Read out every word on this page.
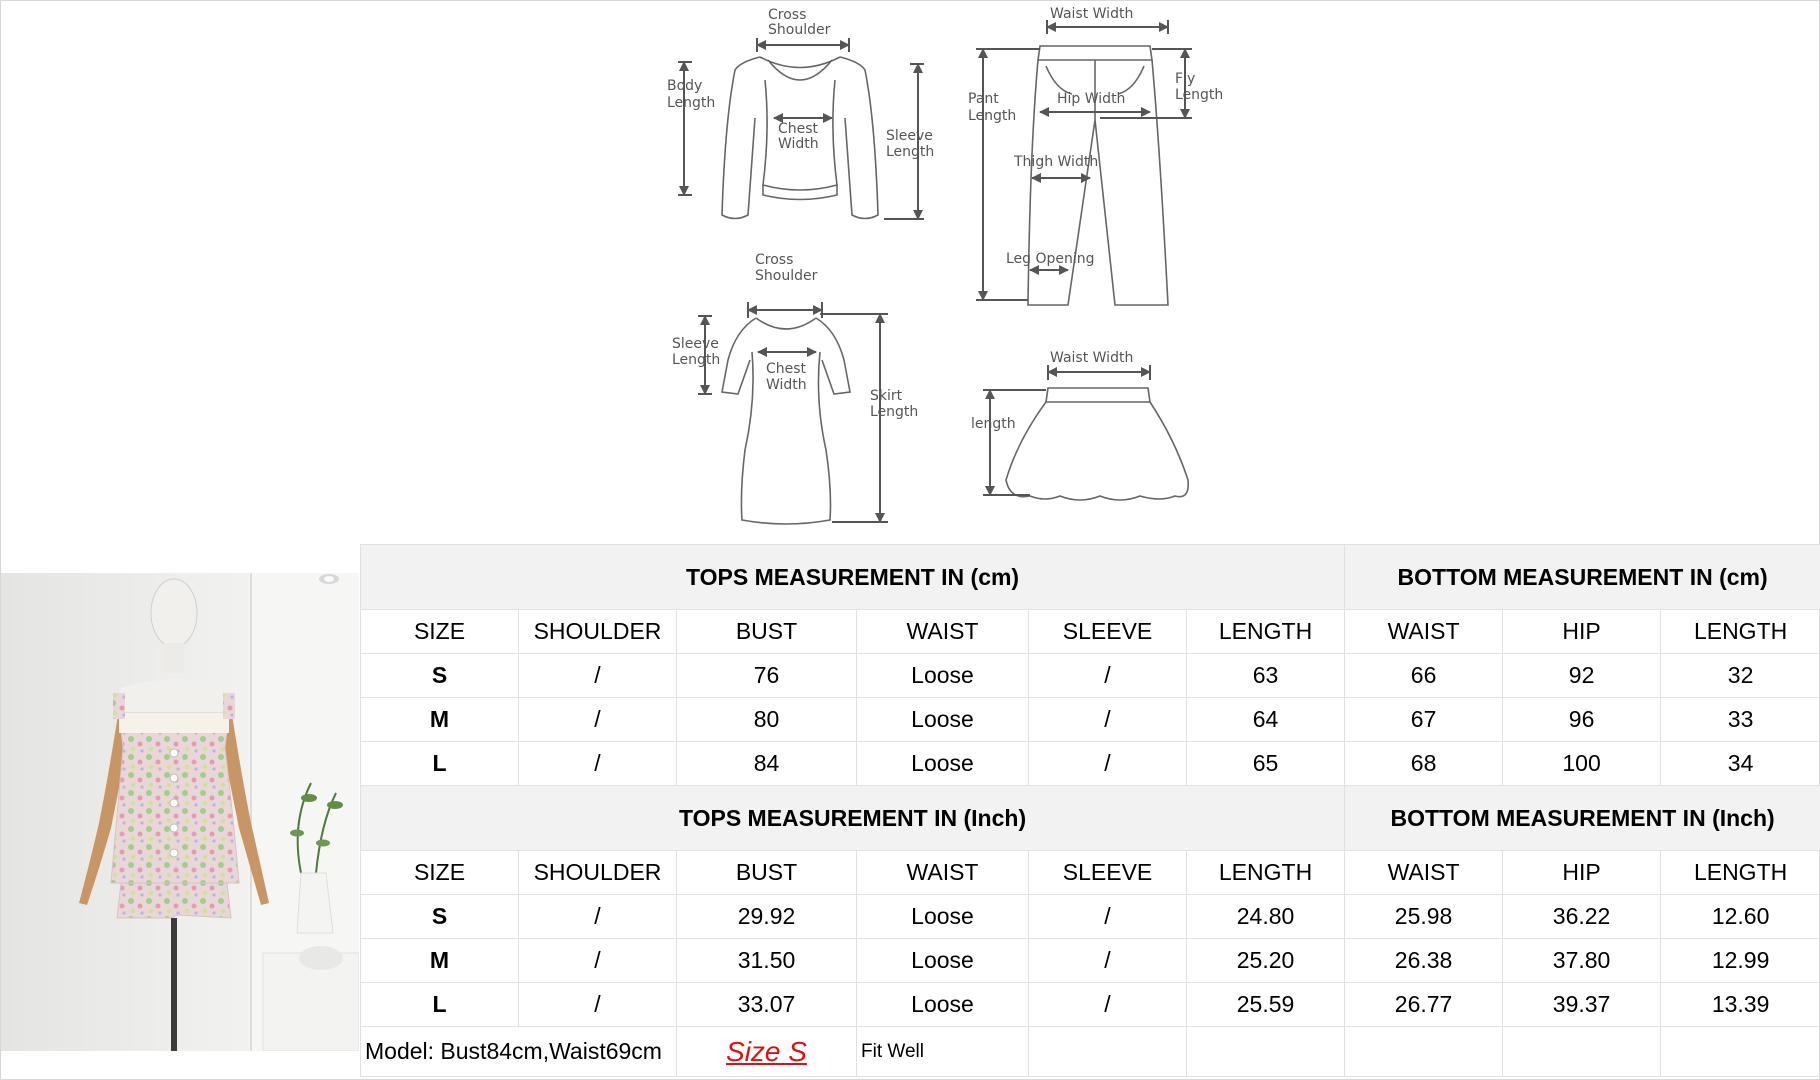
Cross
Shoulder
Body
Length
Chest
Width	Sleeve
Length
Waist Width
Pant
Length
Fly
Length
Hip Width
Thigh Width
Leg Opening
Cross
Shoulder
Sleeve
Length
Chest
Width
Skirt
Length
Waist Width
length
TOPS MEASUREMENT IN (cm)						BOTTOM MEASUREMENT IN (cm)		
SIZE	SHOULDER	BUST	WAIST	SLEEVE	LENGTH	WAIST	HIP	LENGTH
S	/	76	Loose	/	63	66	92	32
M	/	80	Loose	/	64	67	96	33
L	/	84	Loose	/	65	68	100	34
TOPS MEASUREMENT IN (Inch)						BOTTOM MEASUREMENT IN (Inch)		
SIZE	SHOULDER	BUST	WAIST	SLEEVE	LENGTH	WAIST	HIP	LENGTH
S	/	29.92	Loose	/	24.80	25.98	36.22	12.60
M	/	31.50	Loose	/	25.20	26.38	37.80	12.99
L	/	33.07	Loose	/	25.59	26.77	39.37	13.39
Model: Bust84cm,Waist69cm		Size S	Fit Well					
